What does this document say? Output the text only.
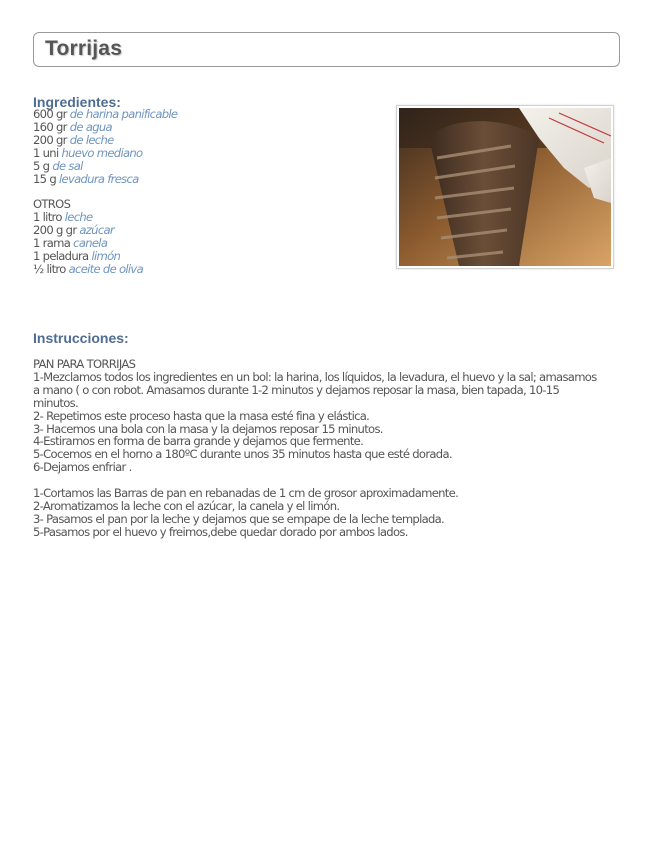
Torrijas
Ingredientes:
600 gr de harina panificable
160 gr de agua
200 gr de leche
1 uni huevo mediano
5 g de sal
15 g levadura fresca
OTROS
1 litro leche
200 g gr azúcar
1 rama canela
1 peladura limón
½ litro aceite de oliva
Instrucciones:
PAN PARA TORRIJAS
1-Mezclamos todos los ingredientes en un bol: la harina, los líquidos, la levadura, el huevo y la sal; amasamos a mano ( o con robot. Amasamos durante 1-2 minutos y dejamos reposar la masa, bien tapada, 10-15 minutos.
2- Repetimos este proceso hasta que la masa esté fina y elástica.
3- Hacemos una bola con la masa y la dejamos reposar 15 minutos.
4-Estiramos en forma de barra grande y dejamos que fermente.
5-Cocemos en el horno a 180ºC durante unos 35 minutos hasta que esté dorada.
6-Dejamos enfriar .
1-Cortamos las Barras de pan en rebanadas de 1 cm de grosor aproximadamente.
2-Aromatizamos la leche con el azúcar, la canela y el limón.
3- Pasamos el pan por la leche y dejamos que se empape de la leche templada.
5-Pasamos por el huevo y freimos,debe quedar dorado por ambos lados.
